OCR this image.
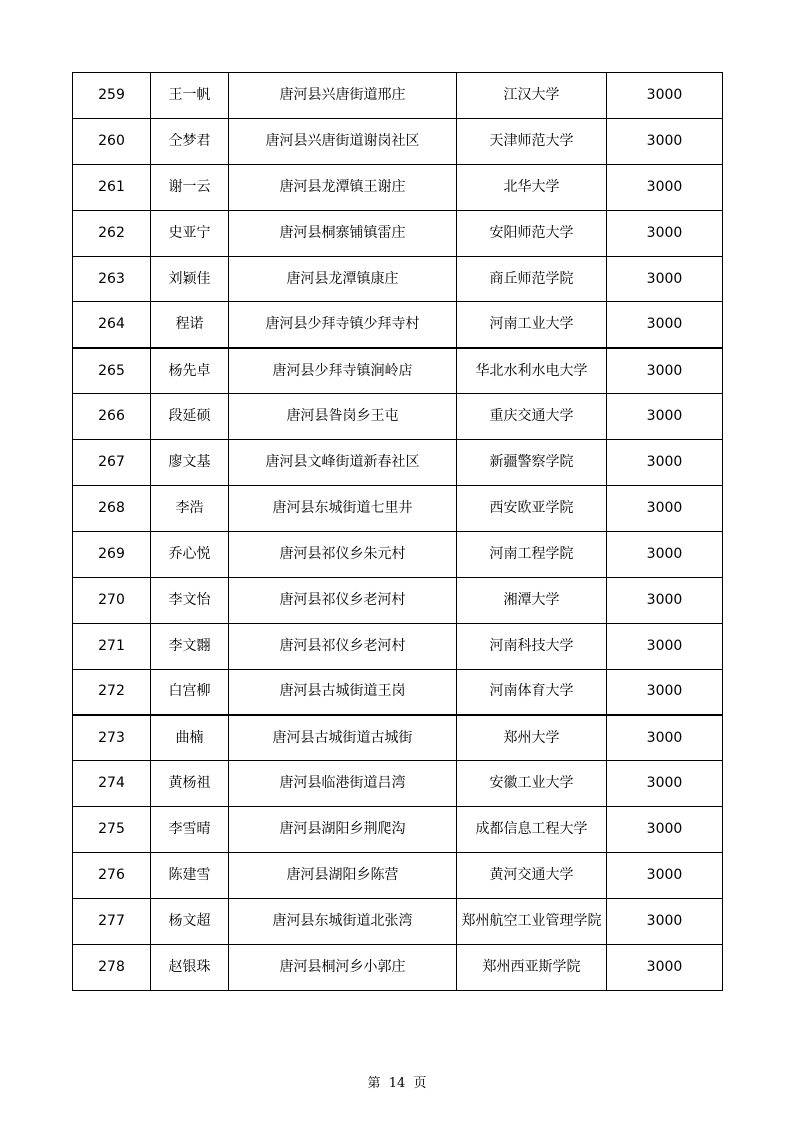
259	王一帆	唐河县兴唐街道邢庄	江汉大学	3000
260	仝梦君	唐河县兴唐街道谢岗社区	天津师范大学	3000
261	谢一云	唐河县龙潭镇王谢庄	北华大学	3000
262	史亚宁	唐河县桐寨铺镇雷庄	安阳师范大学	3000
263	刘颖佳	唐河县龙潭镇康庄	商丘师范学院	3000
264	程诺	唐河县少拜寺镇少拜寺村	河南工业大学	3000
265	杨先卓	唐河县少拜寺镇涧岭店	华北水利水电大学	3000
266	段延硕	唐河县昝岗乡王屯	重庆交通大学	3000
267	廖文基	唐河县文峰街道新春社区	新疆警察学院	3000
268	李浩	唐河县东城街道七里井	西安欧亚学院	3000
269	乔心悦	唐河县祁仪乡朱元村	河南工程学院	3000
270	李文怡	唐河县祁仪乡老河村	湘潭大学	3000
271	李文翾	唐河县祁仪乡老河村	河南科技大学	3000
272	白宫柳	唐河县古城街道王岗	河南体育大学	3000
273	曲楠	唐河县古城街道古城街	郑州大学	3000
274	黄杨祖	唐河县临港街道吕湾	安徽工业大学	3000
275	李雪晴	唐河县湖阳乡荆爬沟	成都信息工程大学	3000
276	陈建雪	唐河县湖阳乡陈营	黄河交通大学	3000
277	杨文超	唐河县东城街道北张湾	郑州航空工业管理学院	3000
278	赵银珠	唐河县桐河乡小郭庄	郑州西亚斯学院	3000
第  14  页
